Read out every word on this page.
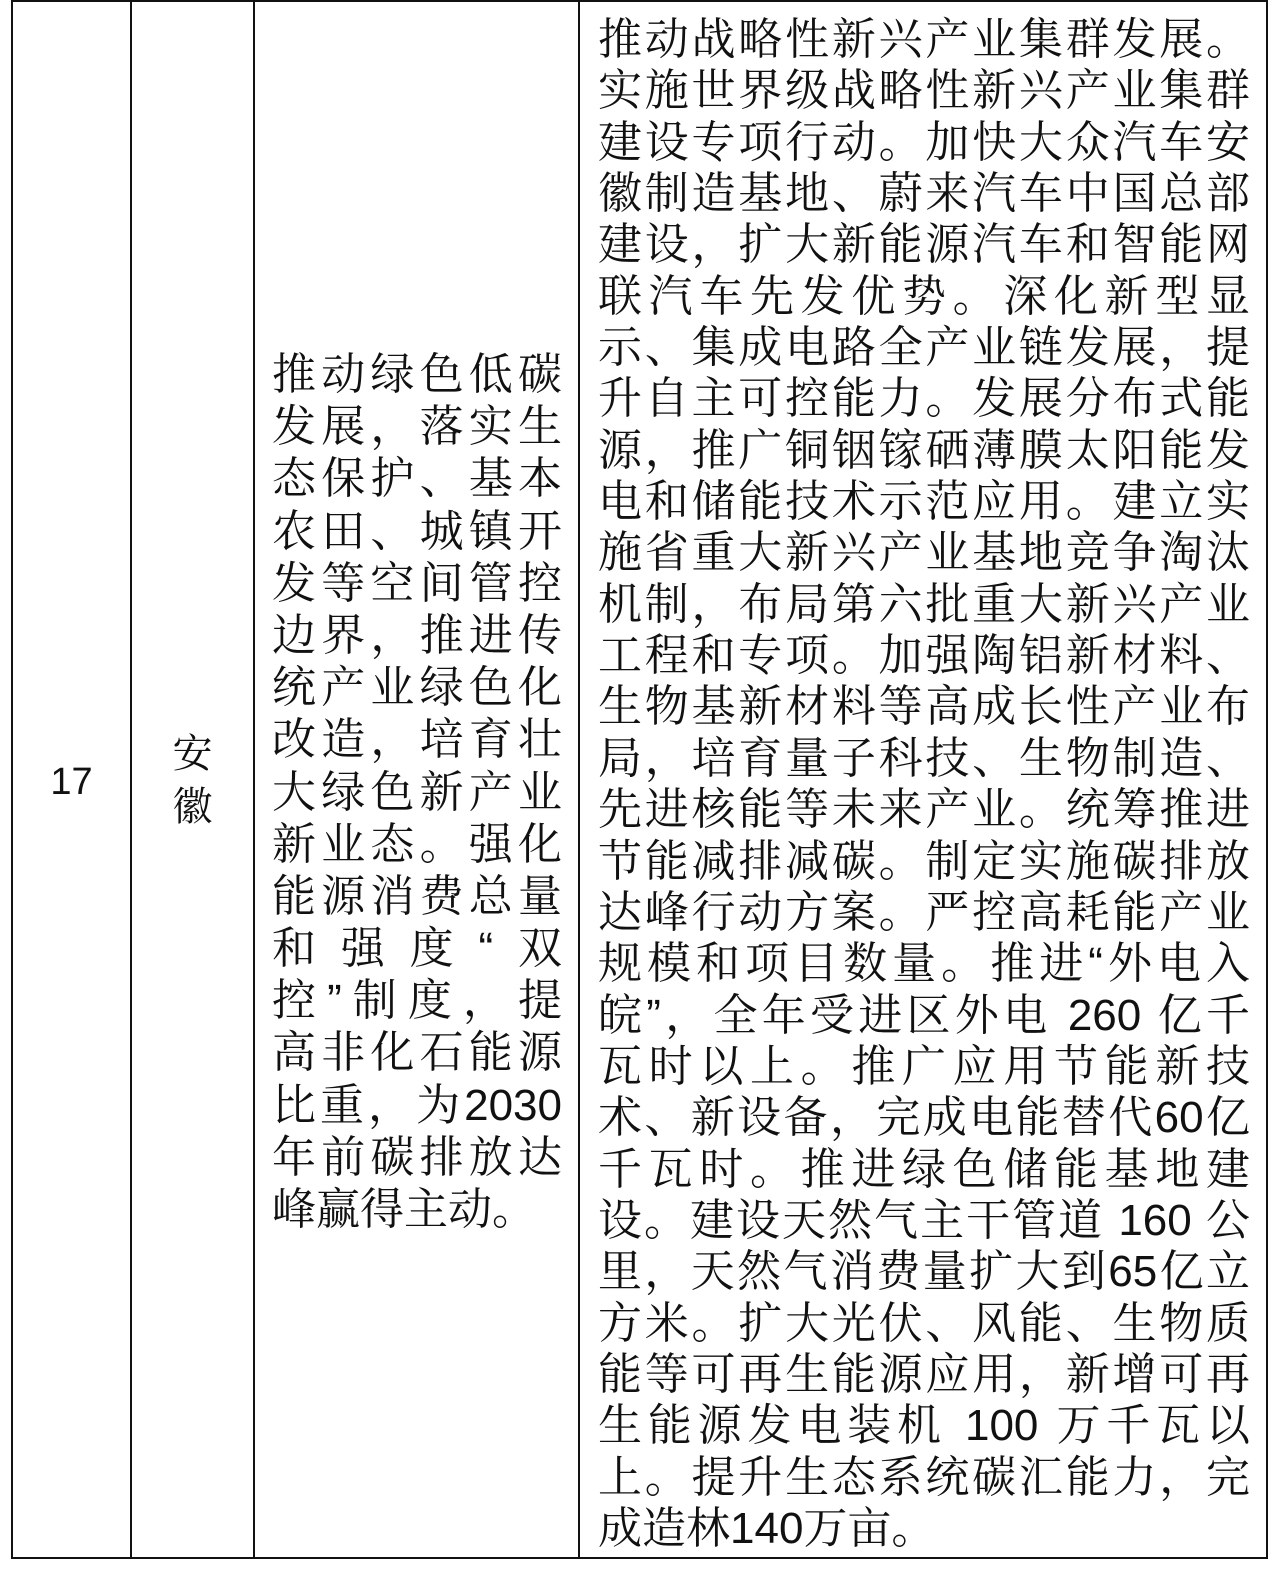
17
安徽
推动绿色低碳
发展，落实生
态保护、基本
农田、城镇开
发等空间管控
边界，推进传
统产业绿色化
改造，培育壮
大绿色新产业
新业态。强化
能源消费总量
和强度“双
控”制度，提
高非化石能源
比重，为2030
年前碳排放达
峰赢得主动。
推动战略性新兴产业集群发展。
实施世界级战略性新兴产业集群
建设专项行动。加快大众汽车安
徽制造基地、蔚来汽车中国总部
建设，扩大新能源汽车和智能网
联汽车先发优势。深化新型显
示、集成电路全产业链发展，提
升自主可控能力。发展分布式能
源，推广铜铟镓硒薄膜太阳能发
电和储能技术示范应用。建立实
施省重大新兴产业基地竞争淘汰
机制，布局第六批重大新兴产业
工程和专项。加强陶铝新材料、
生物基新材料等高成长性产业布
局，培育量子科技、生物制造、
先进核能等未来产业。统筹推进
节能减排减碳。制定实施碳排放
达峰行动方案。严控高耗能产业
规模和项目数量。推进“外电入
皖”，全年受进区外电 260 亿千
瓦时以上。推广应用节能新技
术、新设备，完成电能替代60亿
千瓦时。推进绿色储能基地建
设。建设天然气主干管道 160 公
里，天然气消费量扩大到65亿立
方米。扩大光伏、风能、生物质
能等可再生能源应用，新增可再
生能源发电装机 100 万千瓦以
上。提升生态系统碳汇能力，完
成造林140万亩。
